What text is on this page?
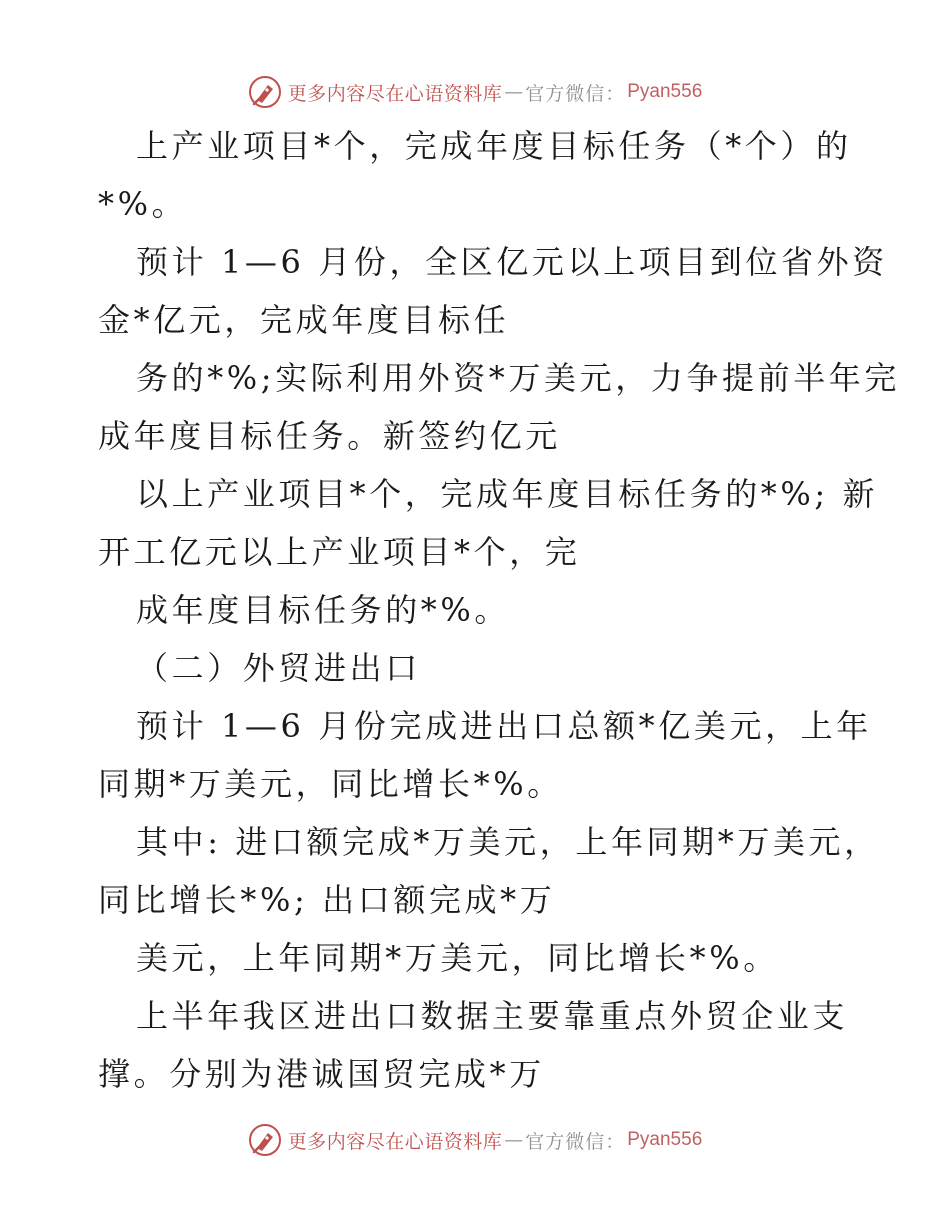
更多内容尽在心语资料库 — 官方微信： Pyan556
上产业项目*个，完成年度目标任务（*个）的
*%。
预计 1—6 月份，全区亿元以上项目到位省外资
金*亿元，完成年度目标任
务的*%;实际利用外资*万美元，力争提前半年完
成年度目标任务。新签约亿元
以上产业项目*个，完成年度目标任务的*%; 新
开工亿元以上产业项目*个，完
成年度目标任务的*%。
（二）外贸进出口
预计 1—6 月份完成进出口总额*亿美元，上年
同期*万美元，同比增长*%。
其中: 进口额完成*万美元，上年同期*万美元，
同比增长*%; 出口额完成*万
美元，上年同期*万美元，同比增长*%。
上半年我区进出口数据主要靠重点外贸企业支
撑。分别为港诚国贸完成*万
更多内容尽在心语资料库 — 官方微信： Pyan556
